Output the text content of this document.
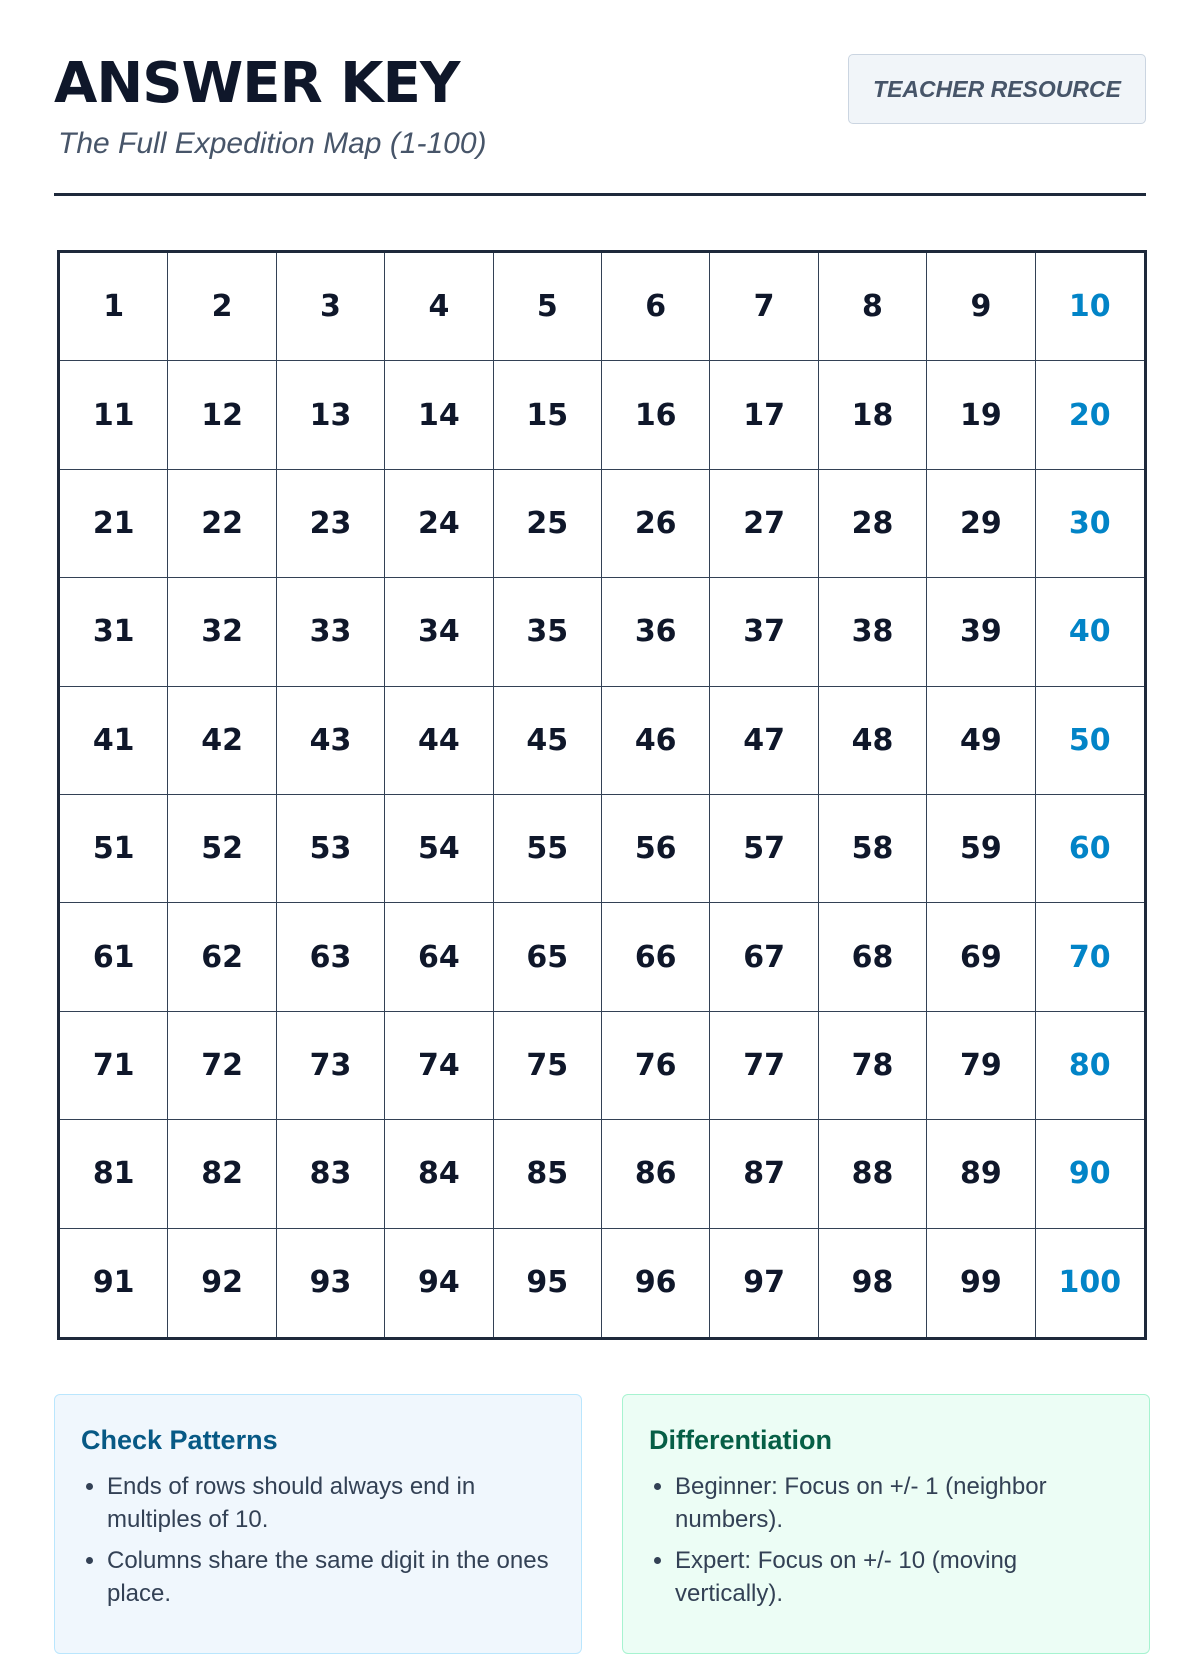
ANSWER KEY
The Full Expedition Map (1-100)
TEACHER RESOURCE
1	2	3	4	5	6	7	8	9	10
11	12	13	14	15	16	17	18	19	20
21	22	23	24	25	26	27	28	29	30
31	32	33	34	35	36	37	38	39	40
41	42	43	44	45	46	47	48	49	50
51	52	53	54	55	56	57	58	59	60
61	62	63	64	65	66	67	68	69	70
71	72	73	74	75	76	77	78	79	80
81	82	83	84	85	86	87	88	89	90
91	92	93	94	95	96	97	98	99	100
Check Patterns
• Ends of rows should always end in multiples of 10.
• Columns share the same digit in the ones place.
Differentiation
• Beginner: Focus on +/- 1 (neighbor numbers).
• Expert: Focus on +/- 10 (moving vertically).
